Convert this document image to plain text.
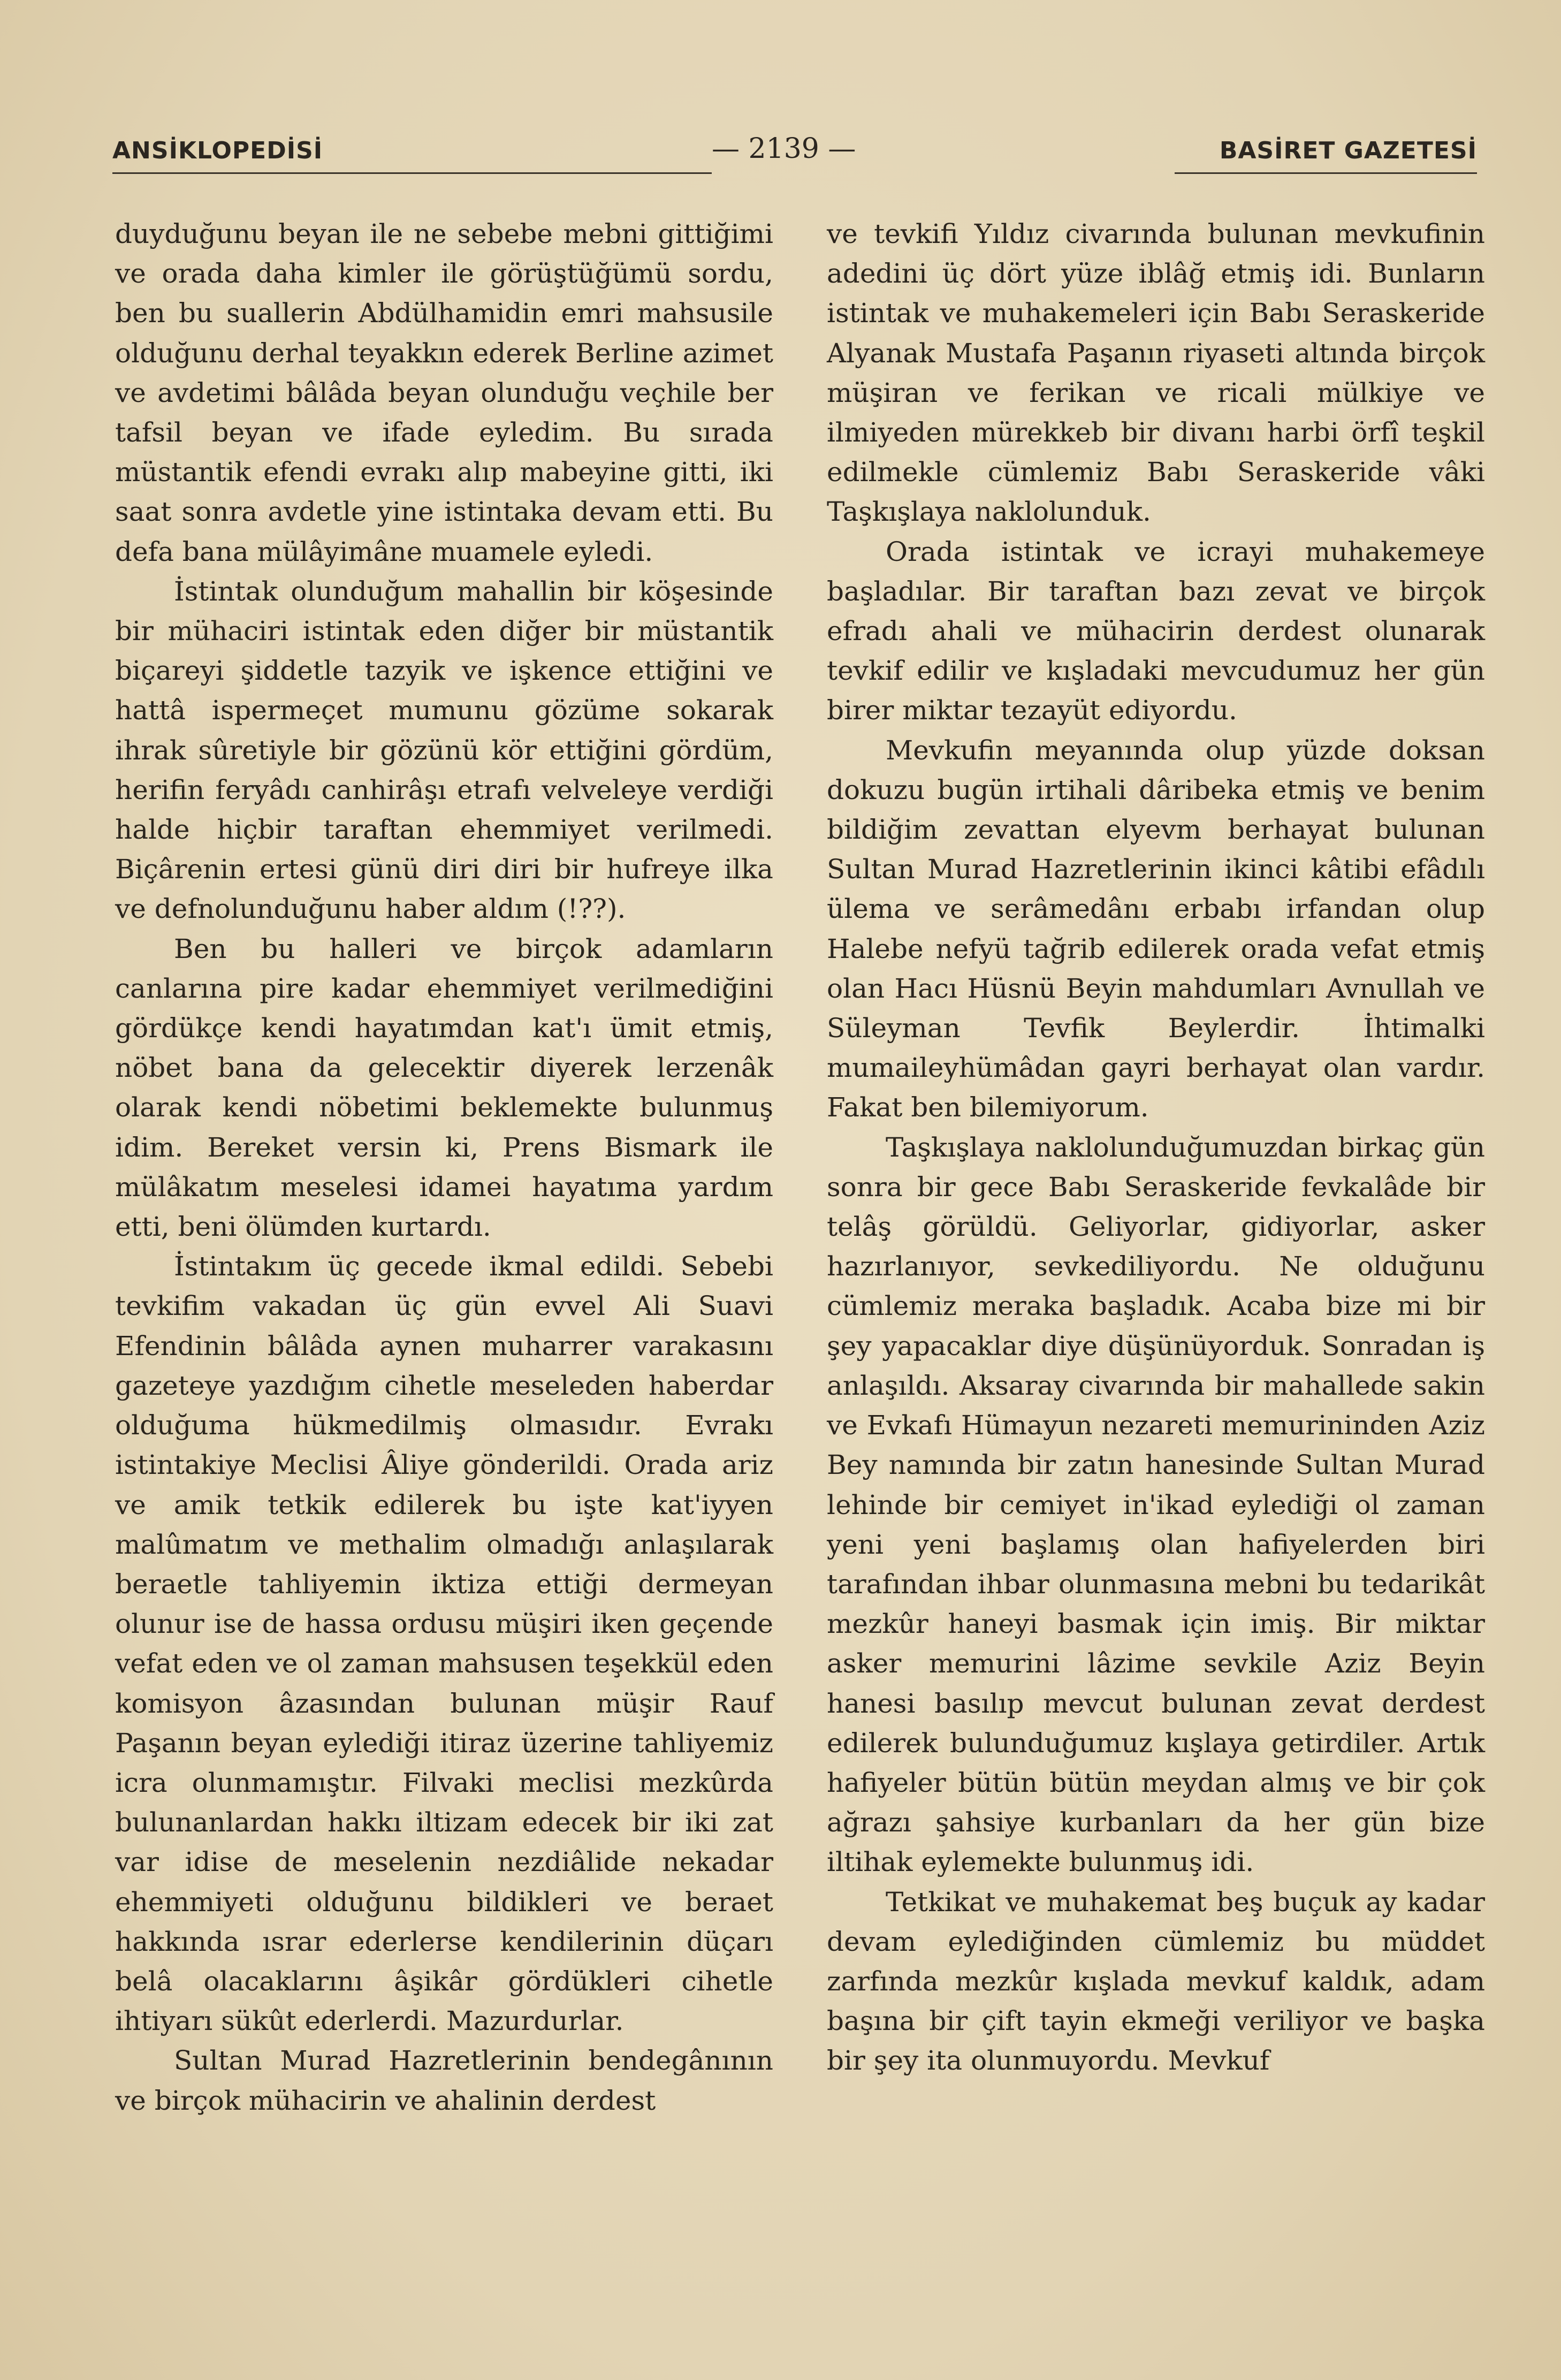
ANSİKLOPEDİSİ	— 2139 —	BASİRET GAZETESİ

duyduğunu beyan ile ne sebebe mebni gittiğimi ve orada daha kimler ile görüştüğümü sordu, ben bu suallerin Abdülhamidin emri mahsusile olduğunu derhal teyakkın ederek Berline azimet ve avdetimi bâlâda beyan olunduğu veçhile ber tafsil beyan ve ifade eyledim. Bu sırada müstantik efendi evrakı alıp mabeyine gitti, iki saat sonra avdetle yine istintaka devam etti. Bu defa bana mülâyimâne muamele eyledi.

İstintak olunduğum mahallin bir köşesinde bir mühaciri istintak eden diğer bir müstantik biçareyi şiddetle tazyik ve işkence ettiğini ve hattâ ispermeçet mumunu gözüme sokarak ihrak sûretiyle bir gözünü kör ettiğini gördüm, herifin feryâdı canhirâşı etrafı velveleye verdiği halde hiçbir taraftan ehemmiyet verilmedi. Biçârenin ertesi günü diri diri bir hufreye ilka ve defnolunduğunu haber aldım (!??).

Ben bu halleri ve birçok adamların canlarına pire kadar ehemmiyet verilmediğini gördükçe kendi hayatımdan kat'ı ümit etmiş, nöbet bana da gelecektir diyerek lerzenâk olarak kendi nöbetimi beklemekte bulunmuş idim. Bereket versin ki, Prens Bismark ile mülâkatım meselesi idamei hayatıma yardım etti, beni ölümden kurtardı.

İstintakım üç gecede ikmal edildi. Sebebi tevkifim vakadan üç gün evvel Ali Suavi Efendinin bâlâda aynen muharrer varakasını gazeteye yazdığım cihetle meseleden haberdar olduğuma hükmedilmiş olmasıdır. Evrakı istintakiye Meclisi Âliye gönderildi. Orada ariz ve amik tetkik edilerek bu işte kat'iyyen malûmatım ve methalim olmadığı anlaşılarak beraetle tahliyemin iktiza ettiği dermeyan olunur ise de hassa ordusu müşiri iken geçende vefat eden ve ol zaman mahsusen teşekkül eden komisyon âzasından bulunan müşir Rauf Paşanın beyan eylediği itiraz üzerine tahliyemiz icra olunmamıştır. Filvaki meclisi mezkûrda bulunanlardan hakkı iltizam edecek bir iki zat var idise de meselenin nezdiâlide nekadar ehemmiyeti olduğunu bildikleri ve beraet hakkında ısrar ederlerse kendilerinin düçarı belâ olacaklarını âşikâr gördükleri cihetle ihtiyarı sükût ederlerdi. Mazurdurlar.

Sultan Murad Hazretlerinin bendegânının ve birçok mühacirin ve ahalinin derdest

ve tevkifi Yıldız civarında bulunan mevkufinin adedini üç dört yüze iblâğ etmiş idi. Bunların istintak ve muhakemeleri için Babı Seraskeride Alyanak Mustafa Paşanın riyaseti altında birçok müşiran ve ferikan ve ricali mülkiye ve ilmiyeden mürekkeb bir divanı harbi örfî teşkil edilmekle cümlemiz Babı Seraskeride vâki Taşkışlaya naklolunduk.

Orada istintak ve icrayi muhakemeye başladılar. Bir taraftan bazı zevat ve birçok efradı ahali ve mühacirin derdest olunarak tevkif edilir ve kışladaki mevcudumuz her gün birer miktar tezayüt ediyordu.

Mevkufin meyanında olup yüzde doksan dokuzu bugün irtihali dâribeka etmiş ve benim bildiğim zevattan elyevm berhayat bulunan Sultan Murad Hazretlerinin ikinci kâtibi efâdılı ülema ve serâmedânı erbabı irfandan olup Halebe nefyü tağrib edilerek orada vefat etmiş olan Hacı Hüsnü Beyin mahdumları Avnullah ve Süleyman Tevfik Beylerdir. İhtimalki mumaileyhümâdan gayri berhayat olan vardır. Fakat ben bilemiyorum.

Taşkışlaya naklolunduğumuzdan birkaç gün sonra bir gece Babı Seraskeride fevkalâde bir telâş görüldü. Geliyorlar, gidiyorlar, asker hazırlanıyor, sevkediliyordu. Ne olduğunu cümlemiz meraka başladık. Acaba bize mi bir şey yapacaklar diye düşünüyorduk. Sonradan iş anlaşıldı. Aksaray civarında bir mahallede sakin ve Evkafı Hümayun nezareti memurininden Aziz Bey namında bir zatın hanesinde Sultan Murad lehinde bir cemiyet in'ikad eylediği ol zaman yeni yeni başlamış olan hafiyelerden biri tarafından ihbar olunmasına mebni bu tedarikât mezkûr haneyi basmak için imiş. Bir miktar asker memurini lâzime sevkile Aziz Beyin hanesi basılıp mevcut bulunan zevat derdest edilerek bulunduğumuz kışlaya getirdiler. Artık hafiyeler bütün bütün meydan almış ve bir çok ağrazı şahsiye kurbanları da her gün bize iltihak eylemekte bulunmuş idi.

Tetkikat ve muhakemat beş buçuk ay kadar devam eylediğinden cümlemiz bu müddet zarfında mezkûr kışlada mevkuf kaldık, adam başına bir çift tayin ekmeği veriliyor ve başka bir şey ita olunmuyordu. Mevkuf
